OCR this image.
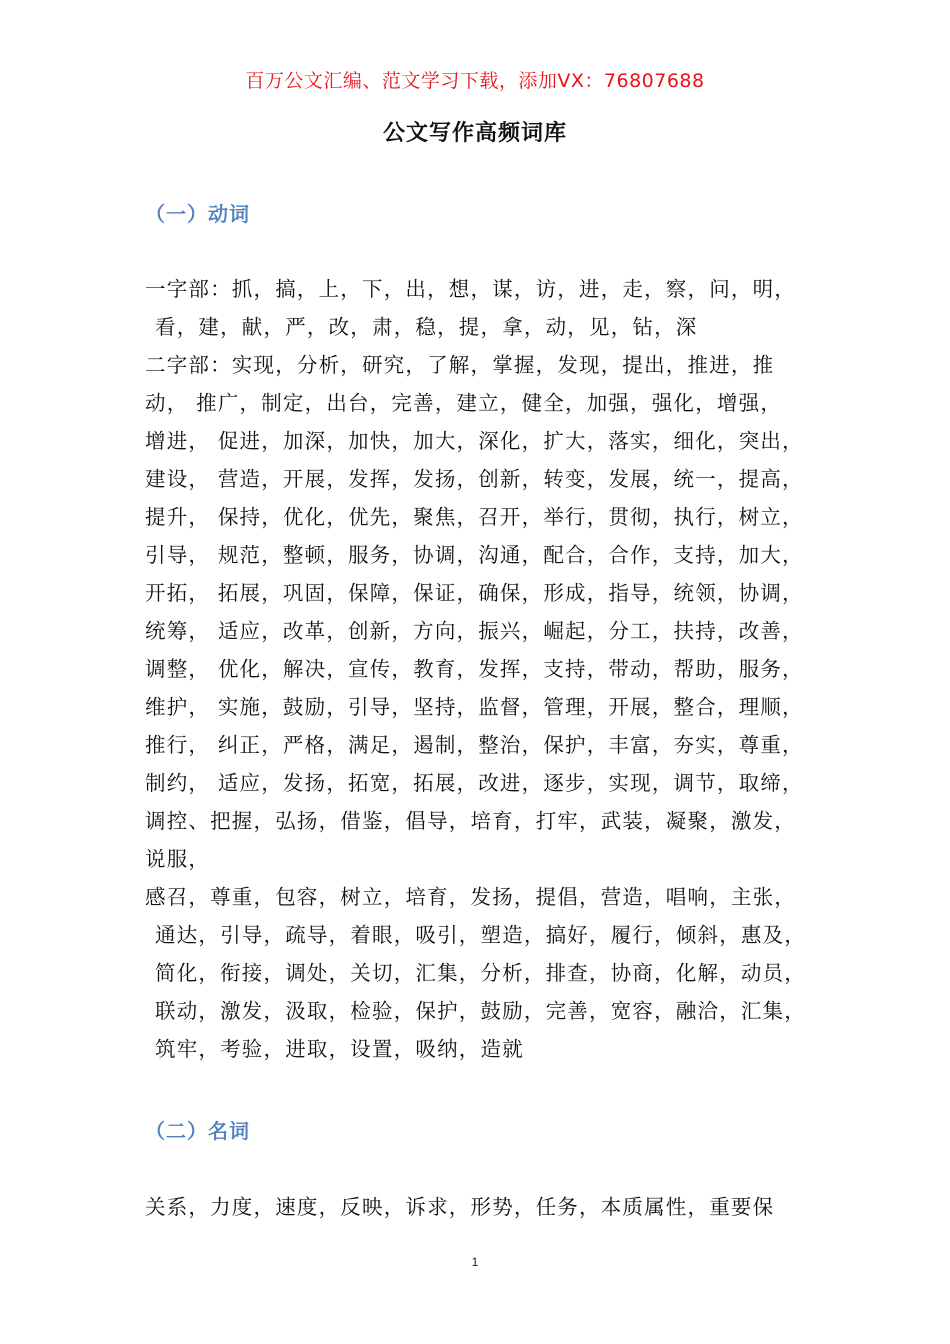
百万公文汇编、范文学习下载，添加VX：76807688
公文写作高频词库
（一）动词
一字部：抓，搞，上，下，出，想，谋，访，进，走，察，问，明，
看，建，献，严，改，肃，稳，提，拿，动，见，钻，深
二字部：实现，分析，研究，了解，掌握，发现，提出，推进，推
动， 推广，制定，出台，完善，建立，健全，加强，强化，增强，
增进， 促进，加深，加快，加大，深化，扩大，落实，细化，突出，
建设， 营造，开展，发挥，发扬，创新，转变，发展，统一，提高，
提升， 保持，优化，优先，聚焦，召开，举行，贯彻，执行，树立，
引导， 规范，整顿，服务，协调，沟通，配合，合作，支持，加大，
开拓， 拓展，巩固，保障，保证，确保，形成，指导，统领，协调，
统筹， 适应，改革，创新，方向，振兴，崛起，分工，扶持，改善，
调整， 优化，解决，宣传，教育，发挥，支持，带动，帮助，服务，
维护， 实施，鼓励，引导，坚持，监督，管理，开展，整合，理顺，
推行， 纠正，严格，满足，遏制，整治，保护，丰富，夯实，尊重，
制约， 适应，发扬，拓宽，拓展，改进，逐步，实现，调节，取缔，
调控、把握，弘扬，借鉴，倡导，培育，打牢，武装，凝聚，激发，
说服，
感召，尊重，包容，树立，培育，发扬，提倡，营造，唱响，主张，
通达，引导，疏导，着眼，吸引，塑造，搞好，履行，倾斜，惠及，
简化，衔接，调处，关切，汇集，分析，排查，协商，化解，动员，
联动，激发，汲取，检验，保护，鼓励，完善，宽容，融洽，汇集，
筑牢，考验，进取，设置，吸纳，造就
（二）名词
关系，力度，速度，反映，诉求，形势，任务，本质属性，重要保
1
